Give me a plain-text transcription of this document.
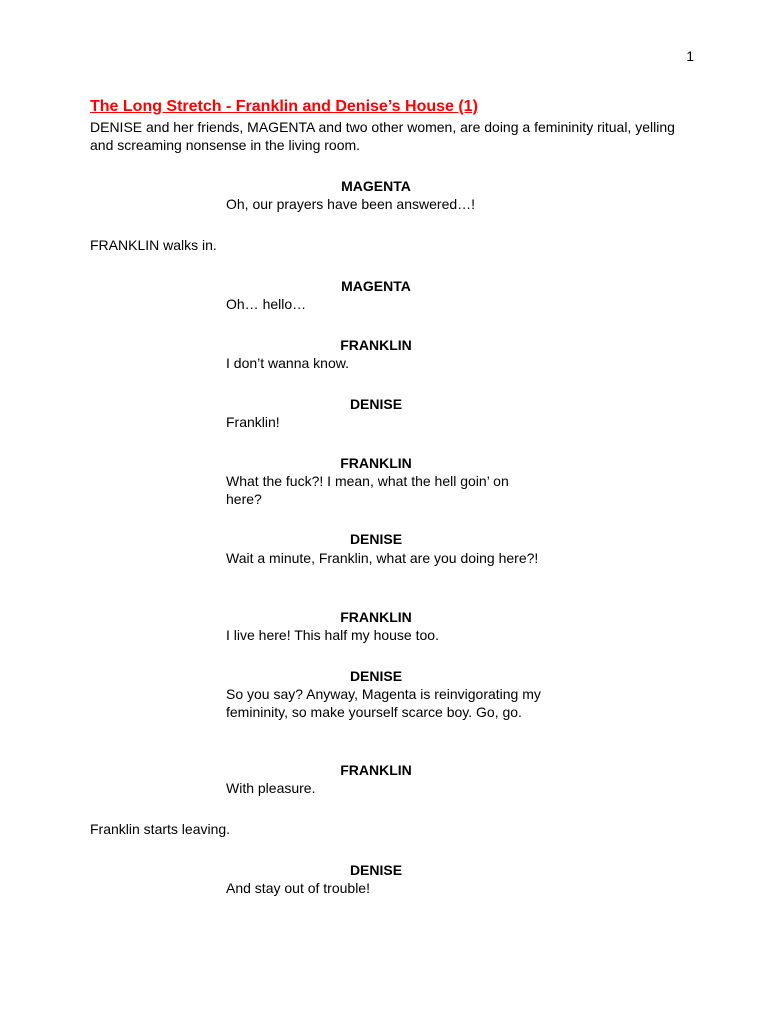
1
The Long Stretch - Franklin and Denise’s House (1)
DENISE and her friends, MAGENTA and two other women, are doing a femininity ritual, yelling and screaming nonsense in the living room.
MAGENTA
Oh, our prayers have been answered…!
FRANKLIN walks in.
MAGENTA
Oh… hello…
FRANKLIN
I don’t wanna know.
DENISE
Franklin!
FRANKLIN
What the fuck?! I mean, what the hell goin’ on here?
DENISE
Wait a minute, Franklin, what are you doing here?!
FRANKLIN
I live here! This half my house too.
DENISE
So you say? Anyway, Magenta is reinvigorating my femininity, so make yourself scarce boy. Go, go.
FRANKLIN
With pleasure.
Franklin starts leaving.
DENISE
And stay out of trouble!
